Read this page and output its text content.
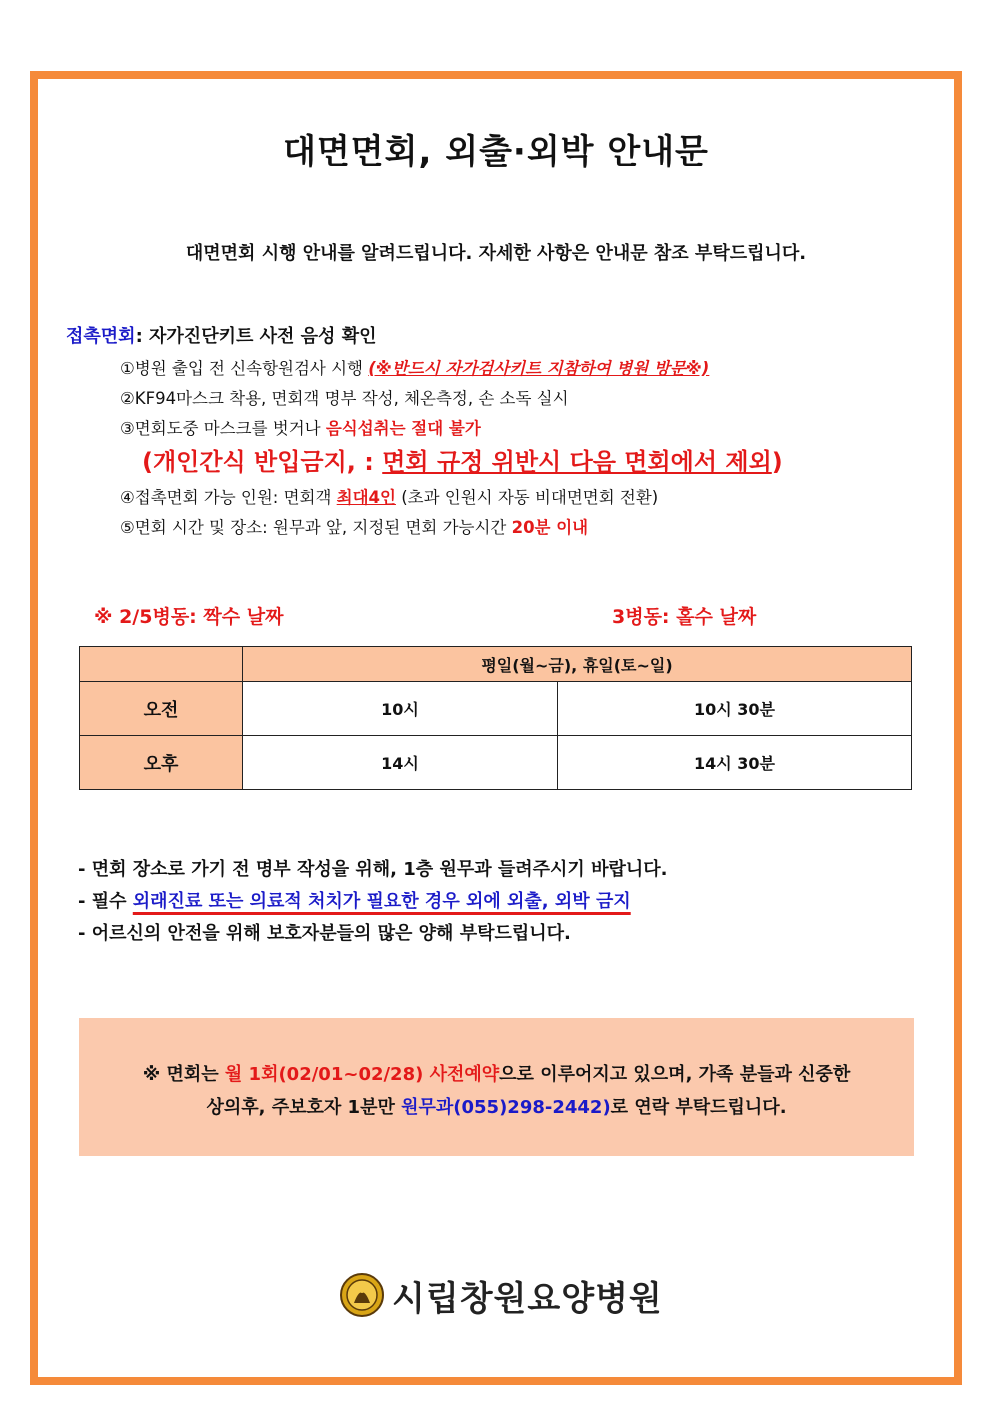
대면면회, 외출·외박 안내문
대면면회 시행 안내를 알려드립니다. 자세한 사항은 안내문 참조 부탁드립니다.
접촉면회: 자가진단키트 사전 음성 확인
①병원 출입 전 신속항원검사 시행 (※반드시 자가검사키트 지참하여 병원 방문※)
②KF94마스크 착용, 면회객 명부 작성, 체온측정, 손 소독 실시
③면회도중 마스크를 벗거나 음식섭취는 절대 불가
(개인간식 반입금지, : 면회 규정 위반시 다음 면회에서 제외)
④접촉면회 가능 인원: 면회객 최대4인 (초과 인원시 자동 비대면면회 전환)
⑤면회 시간 및 장소: 원무과 앞, 지정된 면회 가능시간 20분 이내
※ 2/5병동: 짝수 날짜	3병동: 홀수 날짜
	평일(월~금), 휴일(토~일)	
오전	10시	10시 30분
오후	14시	14시 30분
- 면회 장소로 가기 전 명부 작성을 위해, 1층 원무과 들려주시기 바랍니다.
- 필수 외래진료 또는 의료적 처치가 필요한 경우 외에 외출, 외박 금지
- 어르신의 안전을 위해 보호자분들의 많은 양해 부탁드립니다.
※ 면회는 월 1회(02/01~02/28) 사전예약으로 이루어지고 있으며, 가족 분들과 신중한
상의후, 주보호자 1분만 원무과(055)298-2442)로 연락 부탁드립니다.
시립창원요양병원
